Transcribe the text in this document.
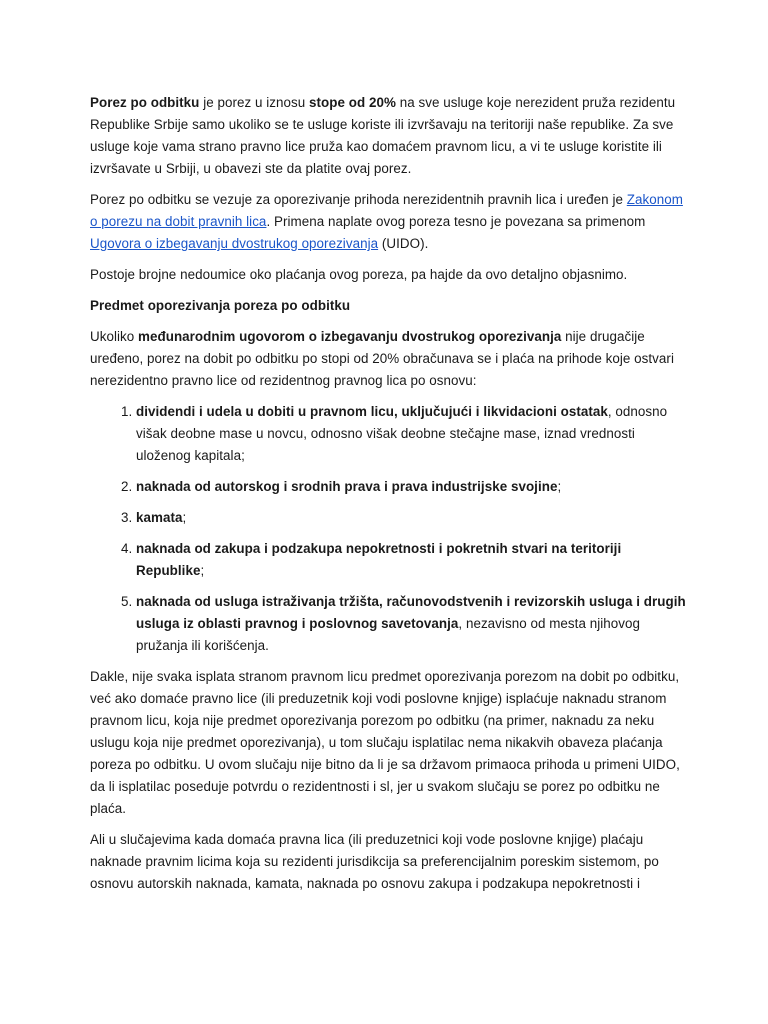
Porez po odbitku je porez u iznosu stope od 20% na sve usluge koje nerezident pruža rezidentu Republike Srbije samo ukoliko se te usluge koriste ili izvršavaju na teritoriji naše republike. Za sve usluge koje vama strano pravno lice pruža kao domaćem pravnom licu, a vi te usluge koristite ili izvršavate u Srbiji, u obavezi ste da platite ovaj porez.

Porez po odbitku se vezuje za oporezivanje prihoda nerezidentnih pravnih lica i uređen je Zakonom o porezu na dobit pravnih lica. Primena naplate ovog poreza tesno je povezana sa primenom Ugovora o izbegavanju dvostrukog oporezivanja (UIDO).

Postoje brojne nedoumice oko plaćanja ovog poreza, pa hajde da ovo detaljno objasnimo.

Predmet oporezivanja poreza po odbitku

Ukoliko međunarodnim ugovorom o izbegavanju dvostrukog oporezivanja nije drugačije uređeno, porez na dobit po odbitku po stopi od 20% obračunava se i plaća na prihode koje ostvari nerezidentno pravno lice od rezidentnog pravnog lica po osnovu:

1. dividendi i udela u dobiti u pravnom licu, uključujući i likvidacioni ostatak, odnosno višak deobne mase u novcu, odnosno višak deobne stečajne mase, iznad vrednosti uloženog kapitala;
2. naknada od autorskog i srodnih prava i prava industrijske svojine;
3. kamata;
4. naknada od zakupa i podzakupa nepokretnosti i pokretnih stvari na teritoriji Republike;
5. naknada od usluga istraživanja tržišta, računovodstvenih i revizorskih usluga i drugih usluga iz oblasti pravnog i poslovnog savetovanja, nezavisno od mesta njihovog pružanja ili korišćenja.

Dakle, nije svaka isplata stranom pravnom licu predmet oporezivanja porezom na dobit po odbitku, već ako domaće pravno lice (ili preduzetnik koji vodi poslovne knjige) isplaćuje naknadu stranom pravnom licu, koja nije predmet oporezivanja porezom po odbitku (na primer, naknadu za neku uslugu koja nije predmet oporezivanja), u tom slučaju isplatilac nema nikakvih obaveza plaćanja poreza po odbitku. U ovom slučaju nije bitno da li je sa državom primaoca prihoda u primeni UIDO, da li isplatilac poseduje potvrdu o rezidentnosti i sl, jer u svakom slučaju se porez po odbitku ne plaća.

Ali u slučajevima kada domaća pravna lica (ili preduzetnici koji vode poslovne knjige) plaćaju naknade pravnim licima koja su rezidenti jurisdikcija sa preferencijalnim poreskim sistemom, po osnovu autorskih naknada, kamata, naknada po osnovu zakupa i podzakupa nepokretnosti i
